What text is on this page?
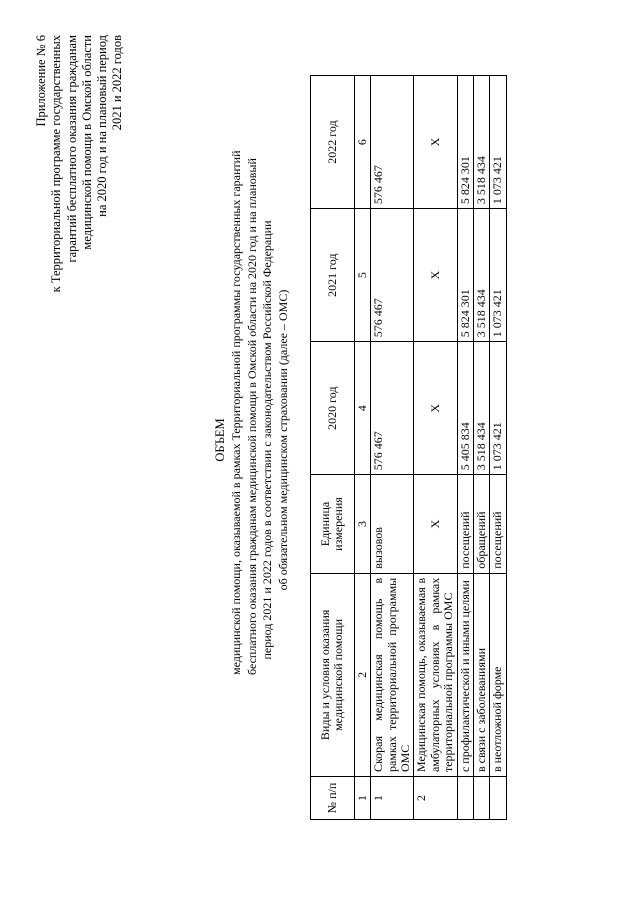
Приложение № 6 к Территориальной программе государственных гарантий бесплатного оказания гражданам медицинской помощи в Омской области на 2020 год и на плановый период 2021 и 2022 годов
ОБЪЕМ медицинской помощи, оказываемой в рамках Территориальной программы государственных гарантий бесплатного оказания гражданам медицинской помощи в Омской области на 2020 год и на плановый период 2021 и 2022 годов в соответствии с законодательством Российской Федерации об обязательном медицинском страховании (далее – ОМС)
№ п/п	Виды и условия оказания медицинской помощи	Единица измерения	2020 год	2021 год	2022 год
1	2	3	4	5	6
1	Скорая медицинская помощь в рамках территориальной программы ОМС	вызовов	576 467	576 467	576 467
2	Медицинская помощь, оказываемая в амбулаторных условиях в рамках территориальной программы ОМС	X	X	X	X
	с профилактической и иными целями	посещений	5 405 834	5 824 301	5 824 301
	в связи с заболеваниями	обращений	3 518 434	3 518 434	3 518 434
	в неотложной форме	посещений	1 073 421	1 073 421	1 073 421
